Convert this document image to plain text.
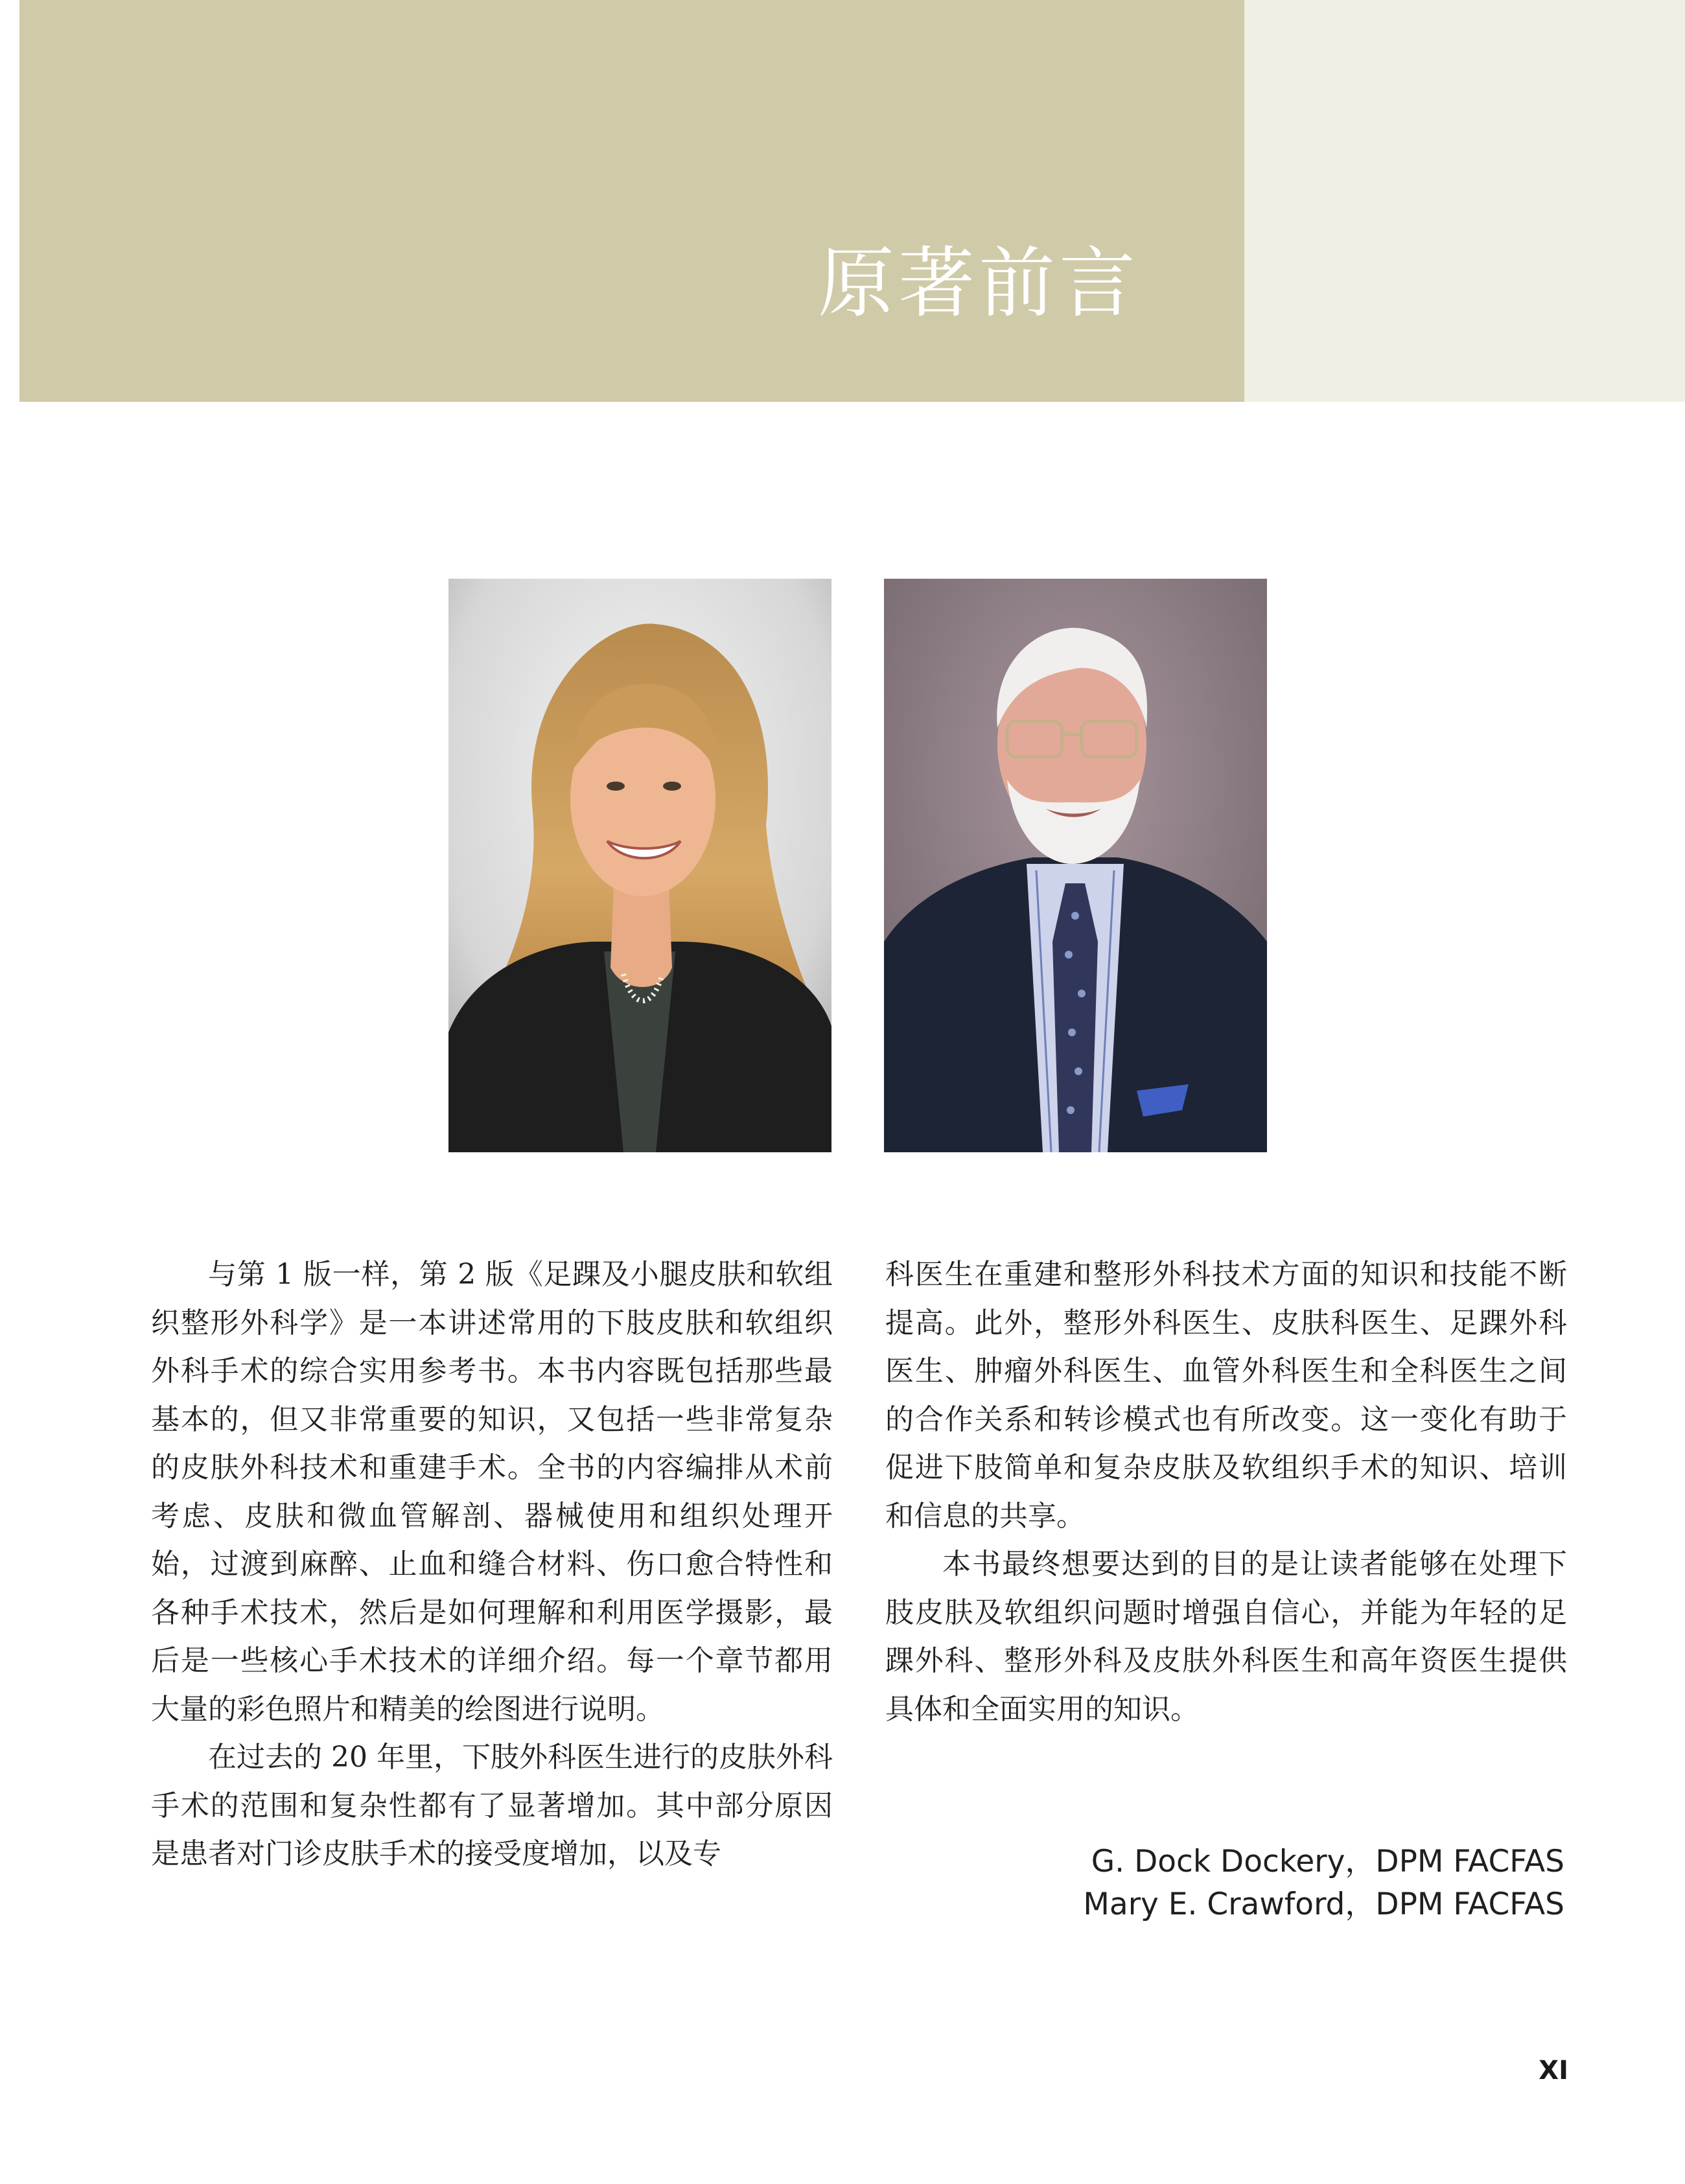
原著前言

与第 1 版一样，第 2 版《足踝及小腿皮肤和软组织整形外科学》是一本讲述常用的下肢皮肤和软组织外科手术的综合实用参考书。本书内容既包括那些最基本的，但又非常重要的知识，又包括一些非常复杂的皮肤外科技术和重建手术。全书的内容编排从术前考虑、皮肤和微血管解剖、器械使用和组织处理开始，过渡到麻醉、止血和缝合材料、伤口愈合特性和各种手术技术，然后是如何理解和利用医学摄影，最后是一些核心手术技术的详细介绍。每一个章节都用大量的彩色照片和精美的绘图进行说明。

在过去的 20 年里，下肢外科医生进行的皮肤外科手术的范围和复杂性都有了显著增加。其中部分原因是患者对门诊皮肤手术的接受度增加，以及专

科医生在重建和整形外科技术方面的知识和技能不断提高。此外，整形外科医生、皮肤科医生、足踝外科医生、肿瘤外科医生、血管外科医生和全科医生之间的合作关系和转诊模式也有所改变。这一变化有助于促进下肢简单和复杂皮肤及软组织手术的知识、培训和信息的共享。

本书最终想要达到的目的是让读者能够在处理下肢皮肤及软组织问题时增强自信心，并能为年轻的足踝外科、整形外科及皮肤外科医生和高年资医生提供具体和全面实用的知识。

G. Dock Dockery，DPM FACFAS
Mary E. Crawford，DPM FACFAS
XI
